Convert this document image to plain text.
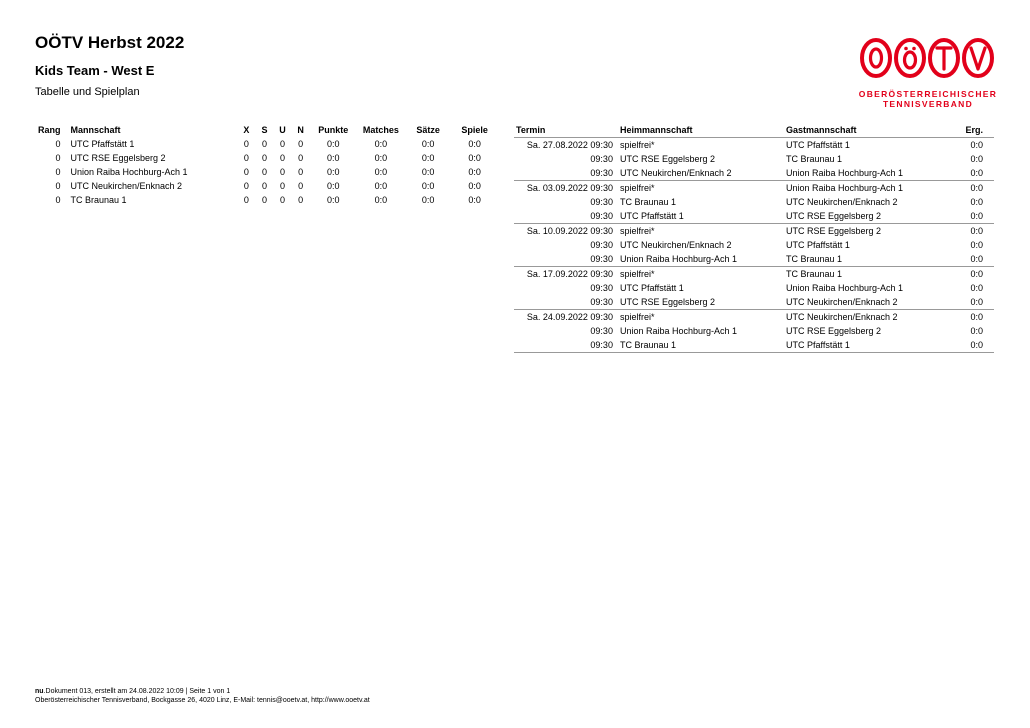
OÖTV Herbst 2022
Kids Team - West E
Tabelle und Spielplan	OBERÖSTERREICHISCHER
TENNISVERBAND
Rang	Mannschaft	X	S	U	N	Punkte	Matches	Sätze	Spiele
0	UTC Pfaffstätt 1	0	0	0	0	0:0	0:0	0:0	0:0
0	UTC RSE Eggelsberg 2	0	0	0	0	0:0	0:0	0:0	0:0
0	Union Raiba Hochburg-Ach 1	0	0	0	0	0:0	0:0	0:0	0:0
0	UTC Neukirchen/Enknach 2	0	0	0	0	0:0	0:0	0:0	0:0
0	TC Braunau 1	0	0	0	0	0:0	0:0	0:0	0:0
Termin	Heimmannschaft	Gastmannschaft	Erg.
Sa. 27.08.2022 09:30	spielfrei*	UTC Pfaffstätt 1	0:0
09:30	UTC RSE Eggelsberg 2	TC Braunau 1	0:0
09:30	UTC Neukirchen/Enknach 2	Union Raiba Hochburg-Ach 1	0:0
Sa. 03.09.2022 09:30	spielfrei*	Union Raiba Hochburg-Ach 1	0:0
09:30	TC Braunau 1	UTC Neukirchen/Enknach 2	0:0
09:30	UTC Pfaffstätt 1	UTC RSE Eggelsberg 2	0:0
Sa. 10.09.2022 09:30	spielfrei*	UTC RSE Eggelsberg 2	0:0
09:30	UTC Neukirchen/Enknach 2	UTC Pfaffstätt 1	0:0
09:30	Union Raiba Hochburg-Ach 1	TC Braunau 1	0:0
Sa. 17.09.2022 09:30	spielfrei*	TC Braunau 1	0:0
09:30	UTC Pfaffstätt 1	Union Raiba Hochburg-Ach 1	0:0
09:30	UTC RSE Eggelsberg 2	UTC Neukirchen/Enknach 2	0:0
Sa. 24.09.2022 09:30	spielfrei*	UTC Neukirchen/Enknach 2	0:0
09:30	Union Raiba Hochburg-Ach 1	UTC RSE Eggelsberg 2	0:0
09:30	TC Braunau 1	UTC Pfaffstätt 1	0:0
nu.Dokument 013, erstellt am 24.08.2022 10:09 | Seite 1 von 1
Oberösterreichischer Tennisverband, Bockgasse 26, 4020 Linz, E-Mail: tennis@ooetv.at, http://www.ooetv.at
